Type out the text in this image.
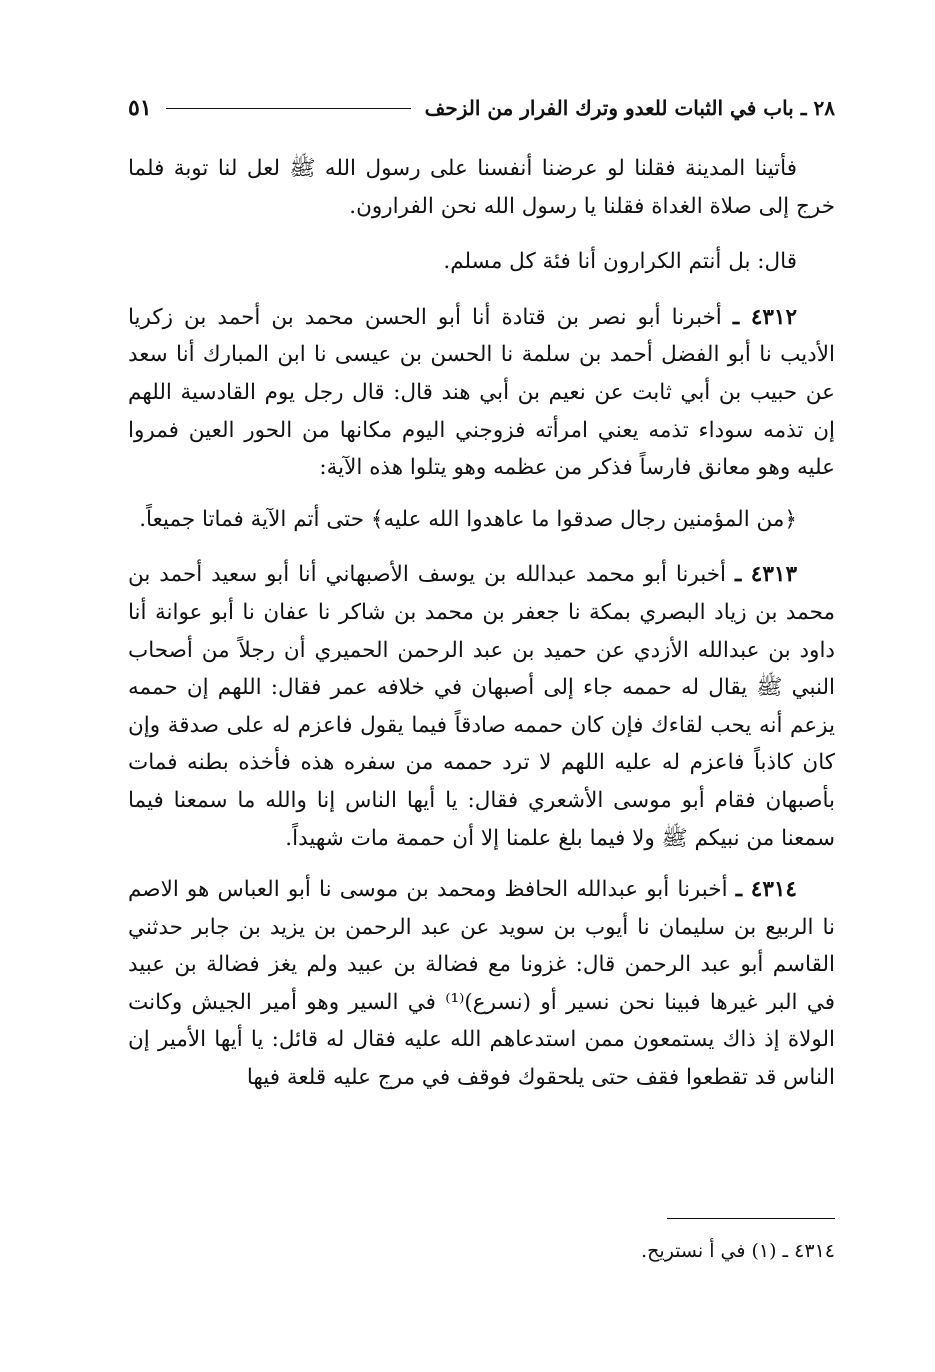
٢٨ ـ باب في الثبات للعدو وترك الفرار من الزحف
٥١

فأتينا المدينة فقلنا لو عرضنا أنفسنا على رسول الله ﷺ لعل لنا توبة فلما خرج إلى صلاة الغداة فقلنا يا رسول الله نحن الفرارون.

قال: بل أنتم الكرارون أنا فئة كل مسلم.

٤٣١٢ ـ أخبرنا أبو نصر بن قتادة أنا أبو الحسن محمد بن أحمد بن زكريا الأديب نا أبو الفضل أحمد بن سلمة نا الحسن بن عيسى نا ابن المبارك أنا سعد عن حبيب بن أبي ثابت عن نعيم بن أبي هند قال: قال رجل يوم القادسية اللهم إن تذمه سوداء تذمه يعني امرأته فزوجني اليوم مكانها من الحور العين فمروا عليه وهو معانق فارساً فذكر من عظمه وهو يتلوا هذه الآية:

﴿من المؤمنين رجال صدقوا ما عاهدوا الله عليه﴾ حتى أتم الآية فماتا جميعاً.

٤٣١٣ ـ أخبرنا أبو محمد عبدالله بن يوسف الأصبهاني أنا أبو سعيد أحمد بن محمد بن زياد البصري بمكة نا جعفر بن محمد بن شاكر نا عفان نا أبو عوانة أنا داود بن عبدالله الأزدي عن حميد بن عبد الرحمن الحميري أن رجلاً من أصحاب النبي ﷺ يقال له حممه جاء إلى أصبهان في خلافه عمر فقال: اللهم إن حممه يزعم أنه يحب لقاءك فإن كان حممه صادقاً فيما يقول فاعزم له على صدقة وإن كان كاذباً فاعزم له عليه اللهم لا ترد حممه من سفره هذه فأخذه بطنه فمات بأصبهان فقام أبو موسى الأشعري فقال: يا أيها الناس إنا والله ما سمعنا فيما سمعنا من نبيكم ﷺ ولا فيما بلغ علمنا إلا أن حممة مات شهيداً.

٤٣١٤ ـ أخبرنا أبو عبدالله الحافظ ومحمد بن موسى نا أبو العباس هو الاصم نا الربيع بن سليمان نا أيوب بن سويد عن عبد الرحمن بن يزيد بن جابر حدثني القاسم أبو عبد الرحمن قال: غزونا مع فضالة بن عبيد ولم يغز فضالة بن عبيد في البر غيرها فبينا نحن نسير أو (نسرع)⁽¹⁾ في السير وهو أمير الجيش وكانت الولاة إذ ذاك يستمعون ممن استدعاهم الله عليه فقال له قائل: يا أيها الأمير إن الناس قد تقطعوا فقف حتى يلحقوك فوقف في مرج عليه قلعة فيها

٤٣١٤ ـ (١) في أ نستريح.
